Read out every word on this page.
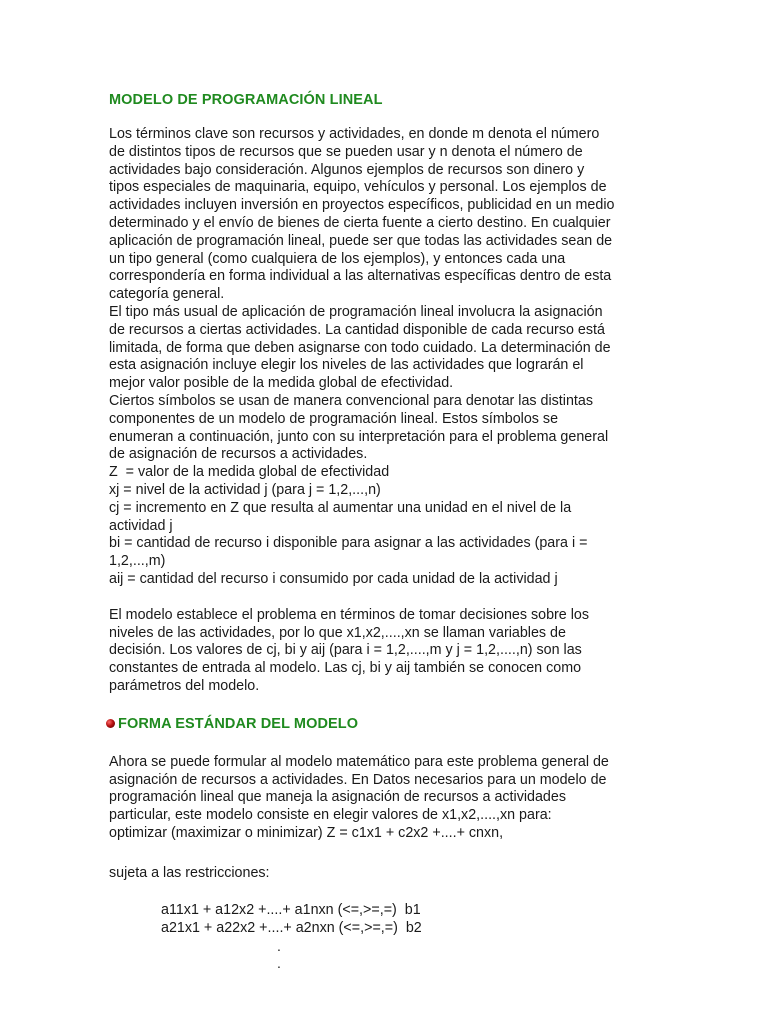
MODELO DE PROGRAMACIÓN LINEAL

Los términos clave son recursos y actividades, en donde m denota el número
de distintos tipos de recursos que se pueden usar y n denota el número de
actividades bajo consideración. Algunos ejemplos de recursos son dinero y
tipos especiales de maquinaria, equipo, vehículos y personal. Los ejemplos de
actividades incluyen inversión en proyectos específicos, publicidad en un medio
determinado y el envío de bienes de cierta fuente a cierto destino. En cualquier
aplicación de programación lineal, puede ser que todas las actividades sean de
un tipo general (como cualquiera de los ejemplos), y entonces cada una
correspondería en forma individual a las alternativas específicas dentro de esta
categoría general.

El tipo más usual de aplicación de programación lineal involucra la asignación
de recursos a ciertas actividades. La cantidad disponible de cada recurso está
limitada, de forma que deben asignarse con todo cuidado. La determinación de
esta asignación incluye elegir los niveles de las actividades que lograrán el
mejor valor posible de la medida global de efectividad.

Ciertos símbolos se usan de manera convencional para denotar las distintas
componentes de un modelo de programación lineal. Estos símbolos se
enumeran a continuación, junto con su interpretación para el problema general
de asignación de recursos a actividades.

Z  = valor de la medida global de efectividad
xj = nivel de la actividad j (para j = 1,2,...,n)
cj = incremento en Z que resulta al aumentar una unidad en el nivel de la
actividad j
bi = cantidad de recurso i disponible para asignar a las actividades (para i =
1,2,...,m)
aij = cantidad del recurso i consumido por cada unidad de la actividad j

El modelo establece el problema en términos de tomar decisiones sobre los
niveles de las actividades, por lo que x1,x2,....,xn se llaman variables de
decisión. Los valores de cj, bi y aij (para i = 1,2,....,m y j = 1,2,....,n) son las
constantes de entrada al modelo. Las cj, bi y aij también se conocen como
parámetros del modelo.

FORMA ESTÁNDAR DEL MODELO

Ahora se puede formular al modelo matemático para este problema general de
asignación de recursos a actividades. En Datos necesarios para un modelo de
programación lineal que maneja la asignación de recursos a actividades
particular, este modelo consiste en elegir valores de x1,x2,....,xn para:
optimizar (maximizar o minimizar) Z = c1x1 + c2x2 +....+ cnxn,

sujeta a las restricciones:

a11x1 + a12x2 +....+ a1nxn (<=,>=,=)  b1
a21x1 + a22x2 +....+ a2nxn (<=,>=,=)  b2

.
.
